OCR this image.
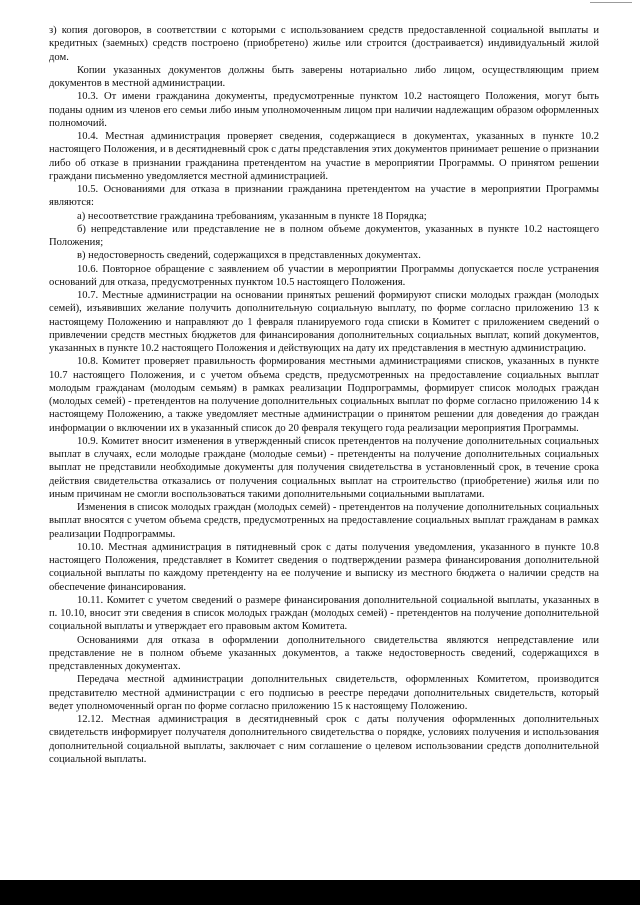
з) копия договоров, в соответствии с которыми с использованием средств предоставленной социальной выплаты и кредитных (заемных) средств построено (приобретено) жилье или строится (достраивается) индивидуальный жилой дом.

Копии указанных документов должны быть заверены нотариально либо лицом, осуществляющим прием документов в местной администрации.

10.3. От имени гражданина документы, предусмотренные пунктом 10.2 настоящего Положения, могут быть поданы одним из членов его семьи либо иным уполномоченным лицом при наличии надлежащим образом оформленных полномочий.

10.4. Местная администрация проверяет сведения, содержащиеся в документах, указанных в пункте 10.2 настоящего Положения, и в десятидневный срок с даты представления этих документов принимает решение о признании либо об отказе в признании гражданина претендентом на участие в мероприятии Программы. О принятом решении граждани письменно уведомляется местной администрацией.

10.5. Основаниями для отказа в признании гражданина претендентом на участие в мероприятии Программы являются:

а) несоответствие гражданина требованиям, указанным в пункте 18 Порядка;

б) непредставление или представление не в полном объеме документов, указанных в пункте 10.2 настоящего Положения;

в) недостоверность сведений, содержащихся в представленных документах.

10.6. Повторное обращение с заявлением об участии в мероприятии Программы допускается после устранения оснований для отказа, предусмотренных пунктом 10.5 настоящего Положения.

10.7. Местные администрации на основании принятых решений формируют списки молодых граждан (молодых семей), изъявивших желание получить дополнительную социальную выплату, по форме согласно приложению 13 к настоящему Положению и направляют до 1 февраля планируемого года списки в Комитет с приложением сведений о привлечении средств местных бюджетов для финансирования дополнительных социальных выплат, копий документов, указанных в пункте 10.2 настоящего Положения и действующих на дату их представления в местную администрацию.

10.8. Комитет проверяет правильность формирования местными администрациями списков, указанных в пункте 10.7 настоящего Положения, и с учетом объема средств, предусмотренных на предоставление социальных выплат молодым гражданам (молодым семьям) в рамках реализации Подпрограммы, формирует список молодых граждан (молодых семей) - претендентов на получение дополнительных социальных выплат по форме согласно приложению 14 к настоящему Положению, а также уведомляет местные администрации о принятом решении для доведения до граждан информации о включении их в указанный список до 20 февраля текущего года реализации мероприятия Программы.

10.9. Комитет вносит изменения в утвержденный список претендентов на получение дополнительных социальных выплат в случаях, если молодые граждане (молодые семьи) - претенденты на получение дополнительных социальных выплат не представили необходимые документы для получения свидетельства в установленный срок, в течение срока действия свидетельства отказались от получения социальных выплат на строительство (приобретение) жилья или по иным причинам не смогли воспользоваться такими дополнительными социальными выплатами.

Изменения в список молодых граждан (молодых семей) - претендентов на получение дополнительных социальных выплат вносятся с учетом объема средств, предусмотренных на предоставление социальных выплат гражданам в рамках реализации Подпрограммы.

10.10. Местная администрация в пятидневный срок с даты получения уведомления, указанного в пункте 10.8 настоящего Положения, представляет в Комитет сведения о подтверждении размера финансирования дополнительной социальной выплаты по каждому претенденту на ее получение и выписку из местного бюджета о наличии средств на обеспечение финансирования.

10.11. Комитет с учетом сведений о размере финансирования дополнительной социальной выплаты, указанных в п. 10.10, вносит эти сведения в список молодых граждан (молодых семей) - претендентов на получение дополнительной социальной выплаты и утверждает его правовым актом Комитета.

Основаниями для отказа в оформлении дополнительного свидетельства являются непредставление или представление не в полном объеме указанных документов, а также недостоверность сведений, содержащихся в представленных документах.

Передача местной администрации дополнительных свидетельств, оформленных Комитетом, производится представителю местной администрации с его подписью в реестре передачи дополнительных свидетельств, который ведет уполномоченный орган по форме согласно приложению 15 к настоящему Положению.

12.12. Местная администрация в десятидневный срок с даты получения оформленных дополнительных свидетельств информирует получателя дополнительного свидетельства о порядке, условиях получения и использования дополнительной социальной выплаты, заключает с ним соглашение о целевом использовании средств дополнительной социальной выплаты.
